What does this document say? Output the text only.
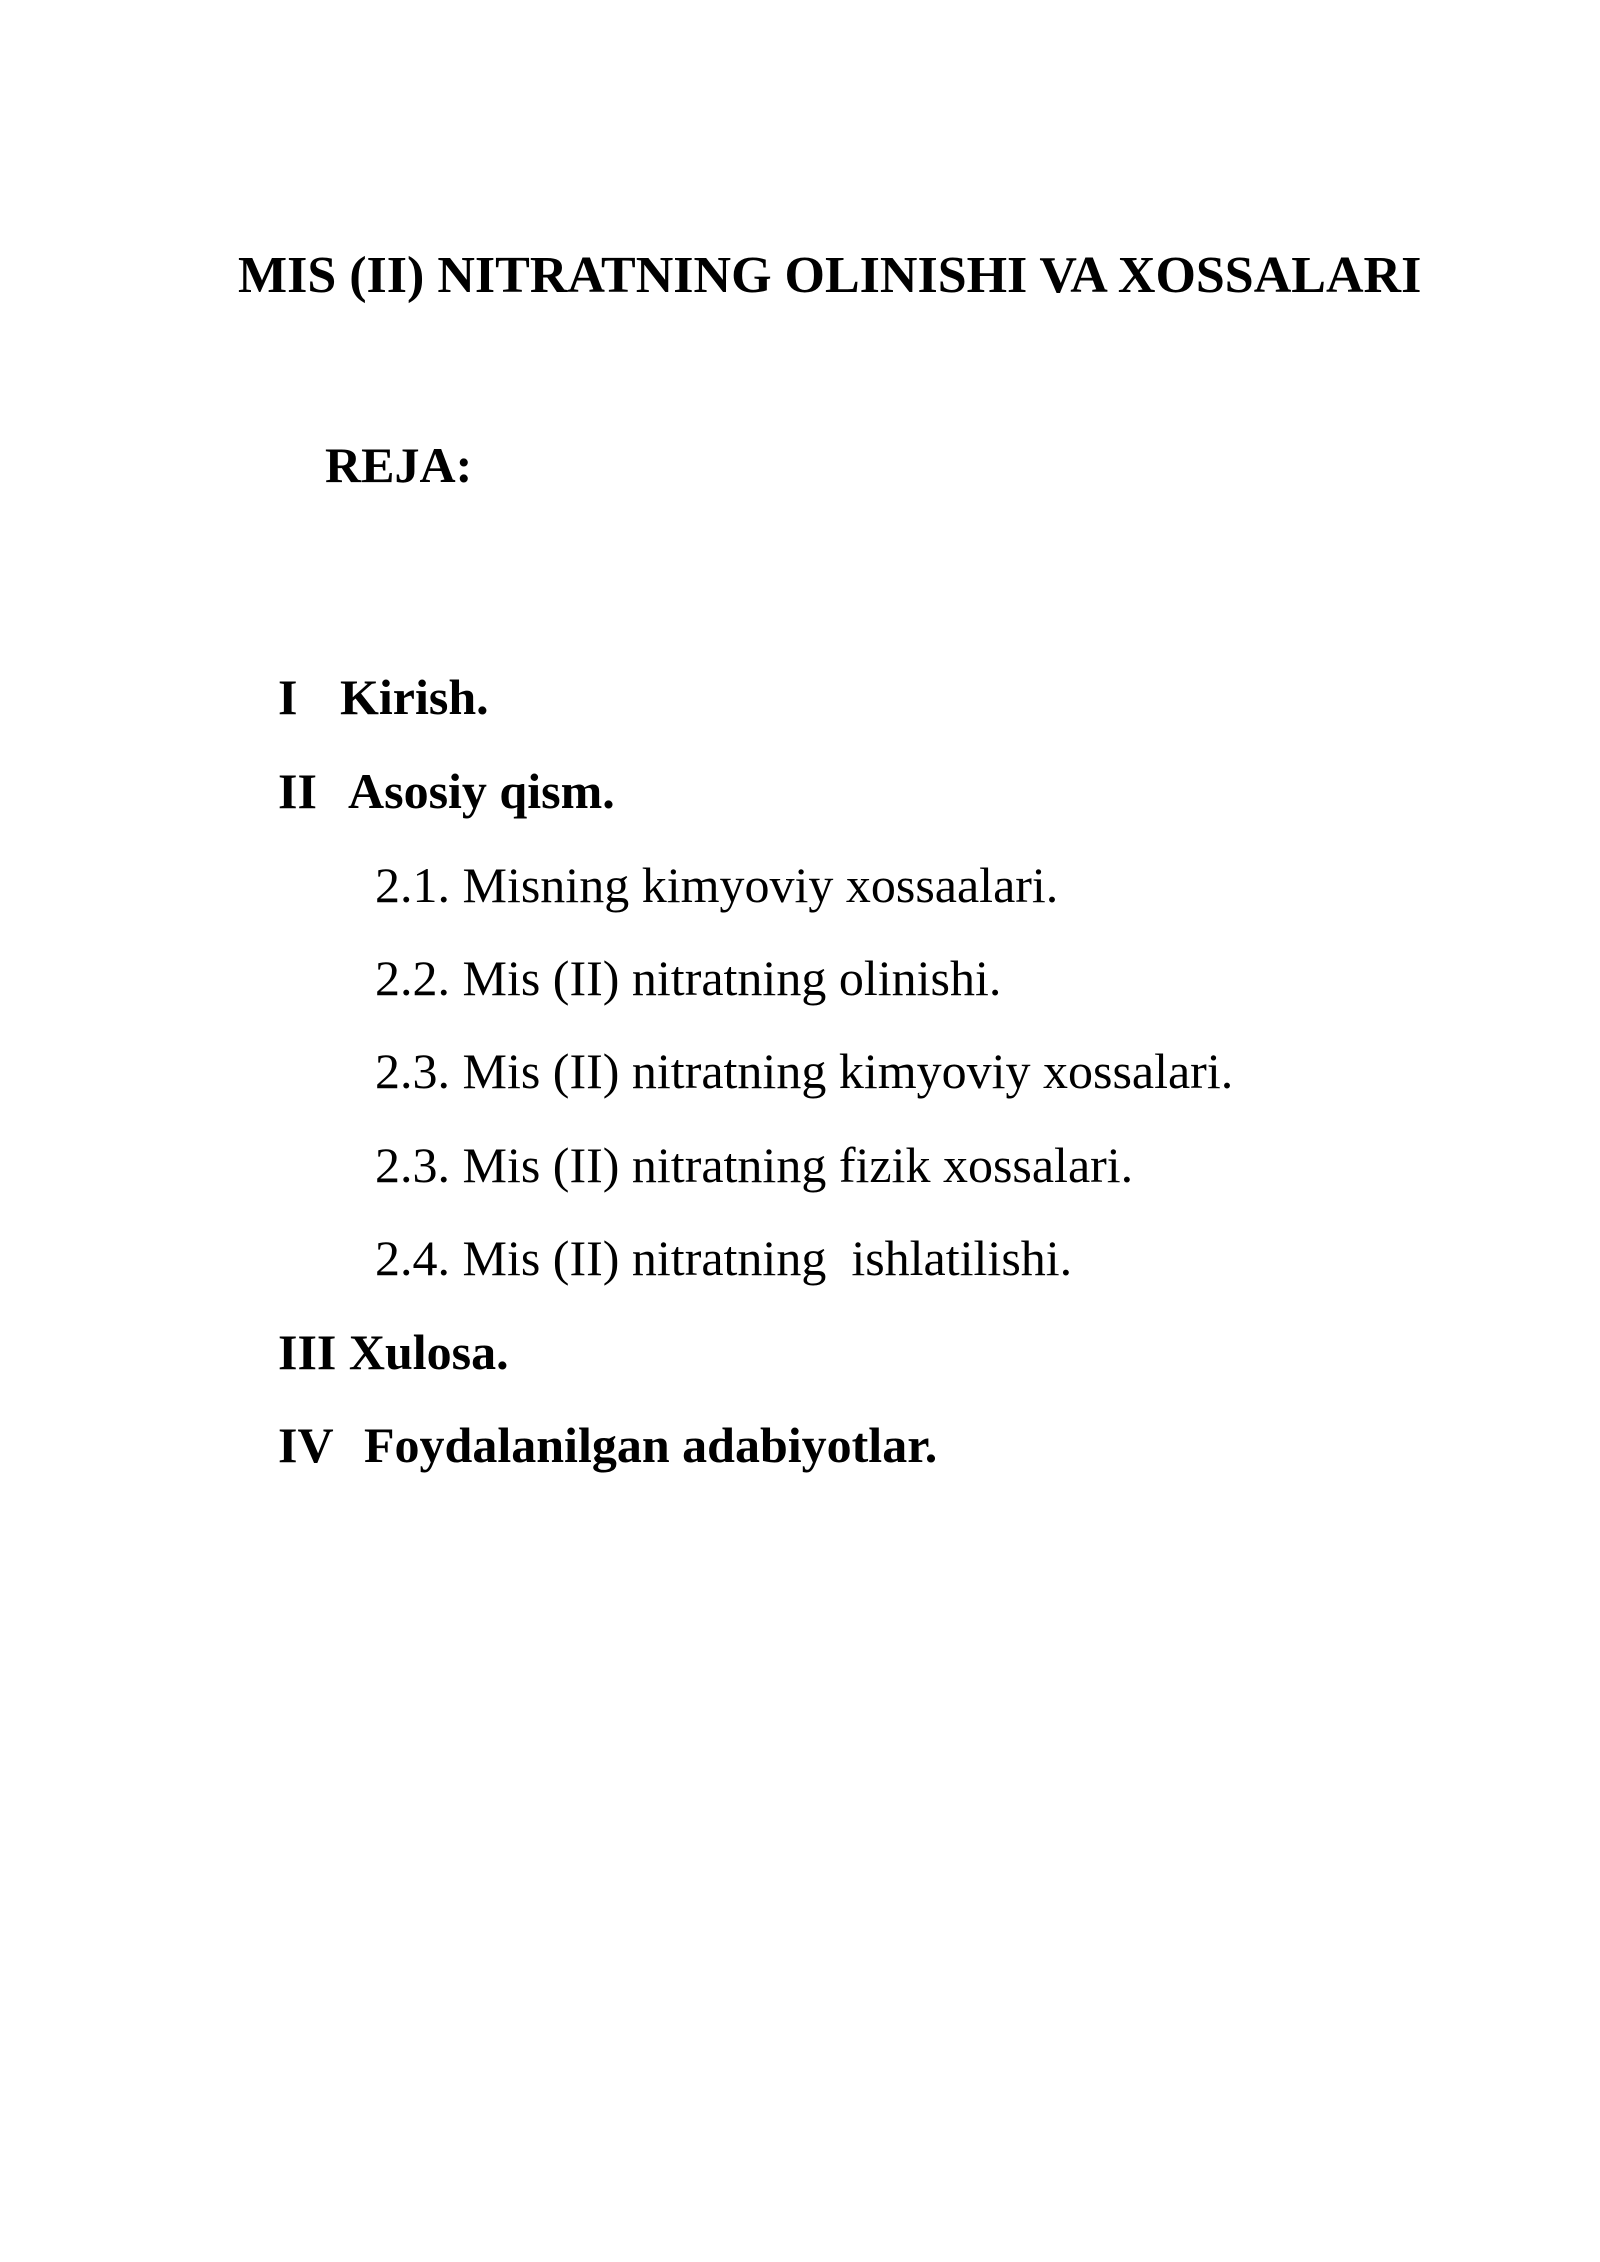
MIS (II) NITRATNING OLINISHI VA XOSSALARI
REJA:

I Kirish.

II Asosiy qism.

2.1. Misning kimyoviy xossaalari.

2.2. Mis (II) nitratning olinishi.

2.3. Mis (II) nitratning kimyoviy xossalari.

2.3. Mis (II) nitratning fizik xossalari.

2.4. Mis (II) nitratning  ishlatilishi.

III Xulosa.

IV Foydalanilgan adabiyotlar.
